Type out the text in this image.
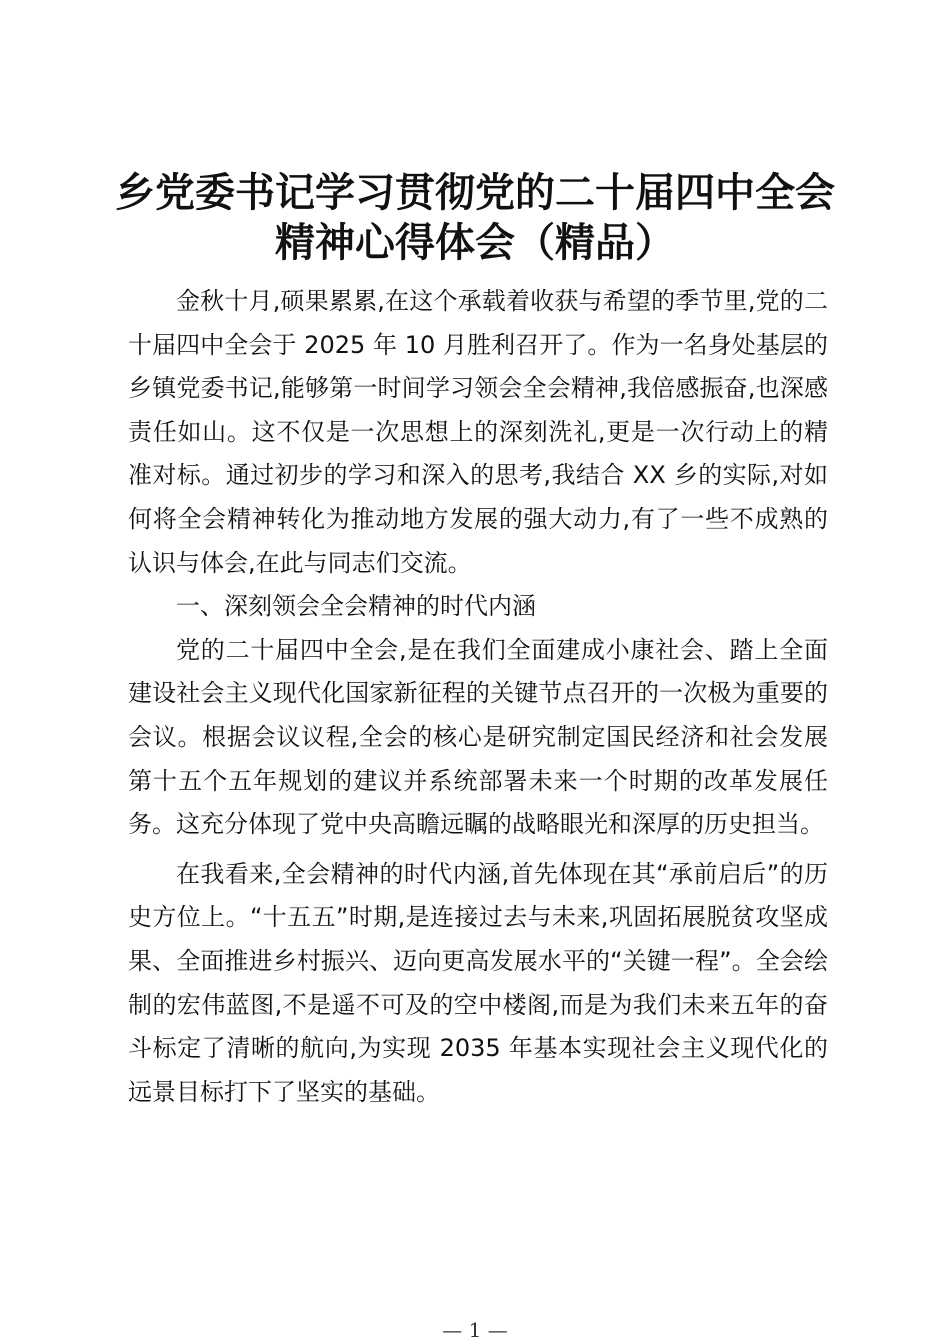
乡党委书记学习贯彻党的二十届四中全会精神心得体会（精品）

金秋十月,硕果累累,在这个承载着收获与希望的季节里,党的二十届四中全会于 2025 年 10 月胜利召开了。作为一名身处基层的乡镇党委书记,能够第一时间学习领会全会精神,我倍感振奋,也深感责任如山。这不仅是一次思想上的深刻洗礼,更是一次行动上的精准对标。通过初步的学习和深入的思考,我结合 XX 乡的实际,对如何将全会精神转化为推动地方发展的强大动力,有了一些不成熟的认识与体会,在此与同志们交流。

一、深刻领会全会精神的时代内涵

党的二十届四中全会,是在我们全面建成小康社会、踏上全面建设社会主义现代化国家新征程的关键节点召开的一次极为重要的会议。根据会议议程,全会的核心是研究制定国民经济和社会发展第十五个五年规划的建议并系统部署未来一个时期的改革发展任务。这充分体现了党中央高瞻远瞩的战略眼光和深厚的历史担当。

在我看来,全会精神的时代内涵,首先体现在其“承前启后”的历史方位上。“十五五”时期,是连接过去与未来,巩固拓展脱贫攻坚成果、全面推进乡村振兴、迈向更高发展水平的“关键一程”。全会绘制的宏伟蓝图,不是遥不可及的空中楼阁,而是为我们未来五年的奋斗标定了清晰的航向,为实现 2035 年基本实现社会主义现代化的远景目标打下了坚实的基础。

— 1 —
